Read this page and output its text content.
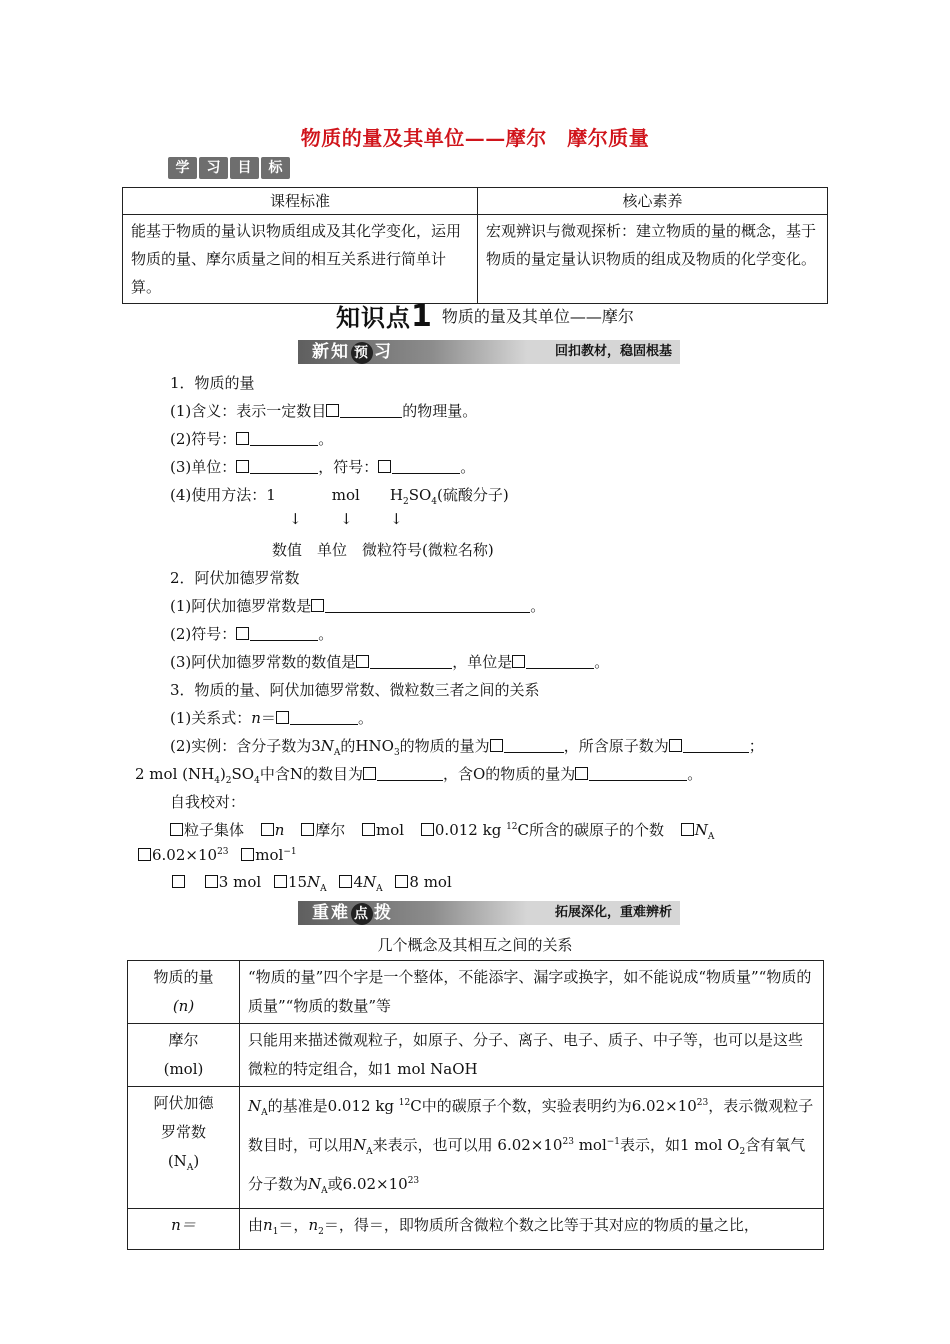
物质的量及其单位——摩尔　摩尔质量
学	习	目	标
课程标准	核心素养
能基于物质的量认识物质组成及其化学变化，运用物质的量、摩尔质量之间的相互关系进行简单计算。	宏观辨识与微观探析：建立物质的量的概念，基于物质的量定量认识物质的组成及物质的化学变化。
知识点1 物质的量及其单位——摩尔
新知 预 习	回扣教材，稳固根基
1．物质的量
(1)含义：表示一定数目	的物理量。
(2)符号：	。
(3)单位：	，符号：	。
(4)使用方法：1	mol $H_2SO_4$(硫酸分子)
↓	↓ ↓
数值　单位　微粒符号(微粒名称)
2．阿伏加德罗常数
(1)阿伏加德罗常数是	。
(2)符号：	。
(3)阿伏加德罗常数的数值是	，单位是	。
3．物质的量、阿伏加德罗常数、微粒数三者之间的关系
(1)关系式：n＝	。
(2)实例：含分子数为$3N_A$的$HNO_3$的物质的量为	，所含原子数为	；
2 mol $(NH_4)_2SO_4$中含N的数目为	，含O的物质的量为	。
自我校对：
粒子集体 n 摩尔 mol 0.012 kg $^{12}$C所含的碳原子的个数 $N_A$
$6.02\times 10^{23}$ mol$^{-1}$
3 mol $15N_A$ $4N_A$ 8 mol
重难 点 拨	拓展深化，重难辨析
几个概念及其相互之间的关系
物质的量
(n)	“物质的量”四个字是一个整体，不能添字、漏字或换字，如不能说成“物质量”“物质的质量”“物质的数量”等

摩尔
(mol)	只能用来描述微观粒子，如原子、分子、离子、电子、质子、中子等，也可以是这些微粒的特定组合，如1 mol NaOH

阿伏加德
罗常数
$(N_A)$	$N_A$的基准是0.012 kg $^{12}$C中的碳原子个数，实验表明约为$6.02\times 10^{23}$，表示微观粒子数目时，可以用$N_A$来表示，也可以用 $6.02\times 10^{23}$ mol$^{-1}$表示，如1 mol $O_2$含有氧气分子数为$N_A$或$6.02\times 10^{23}$
n＝	由$n_1=$，$n_2=$，得＝，即物质所含微粒个数之比等于其对应的物质的量之比，
